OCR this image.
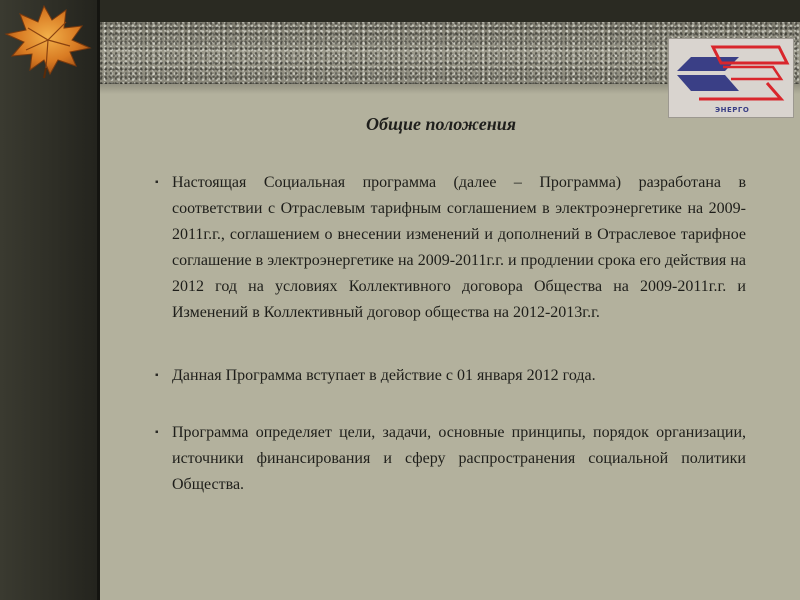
ЭНЕРГО
Общие положения
▪ Настоящая Социальная программа (далее – Программа) разработана в соответствии с Отраслевым тарифным соглашением в электроэнергетике на 2009-2011г.г., соглашением о внесении изменений и дополнений в Отраслевое тарифное соглашение в электроэнергетике на 2009-2011г.г. и продлении срока его действия на 2012 год на условиях Коллективного договора Общества на 2009-2011г.г. и Изменений в Коллективный договор общества на 2012-2013г.г.
▪ Данная Программа вступает в действие с 01 января 2012 года.
▪ Программа определяет цели, задачи, основные принципы, порядок организации, источники финансирования и сферу распространения социальной политики Общества.
